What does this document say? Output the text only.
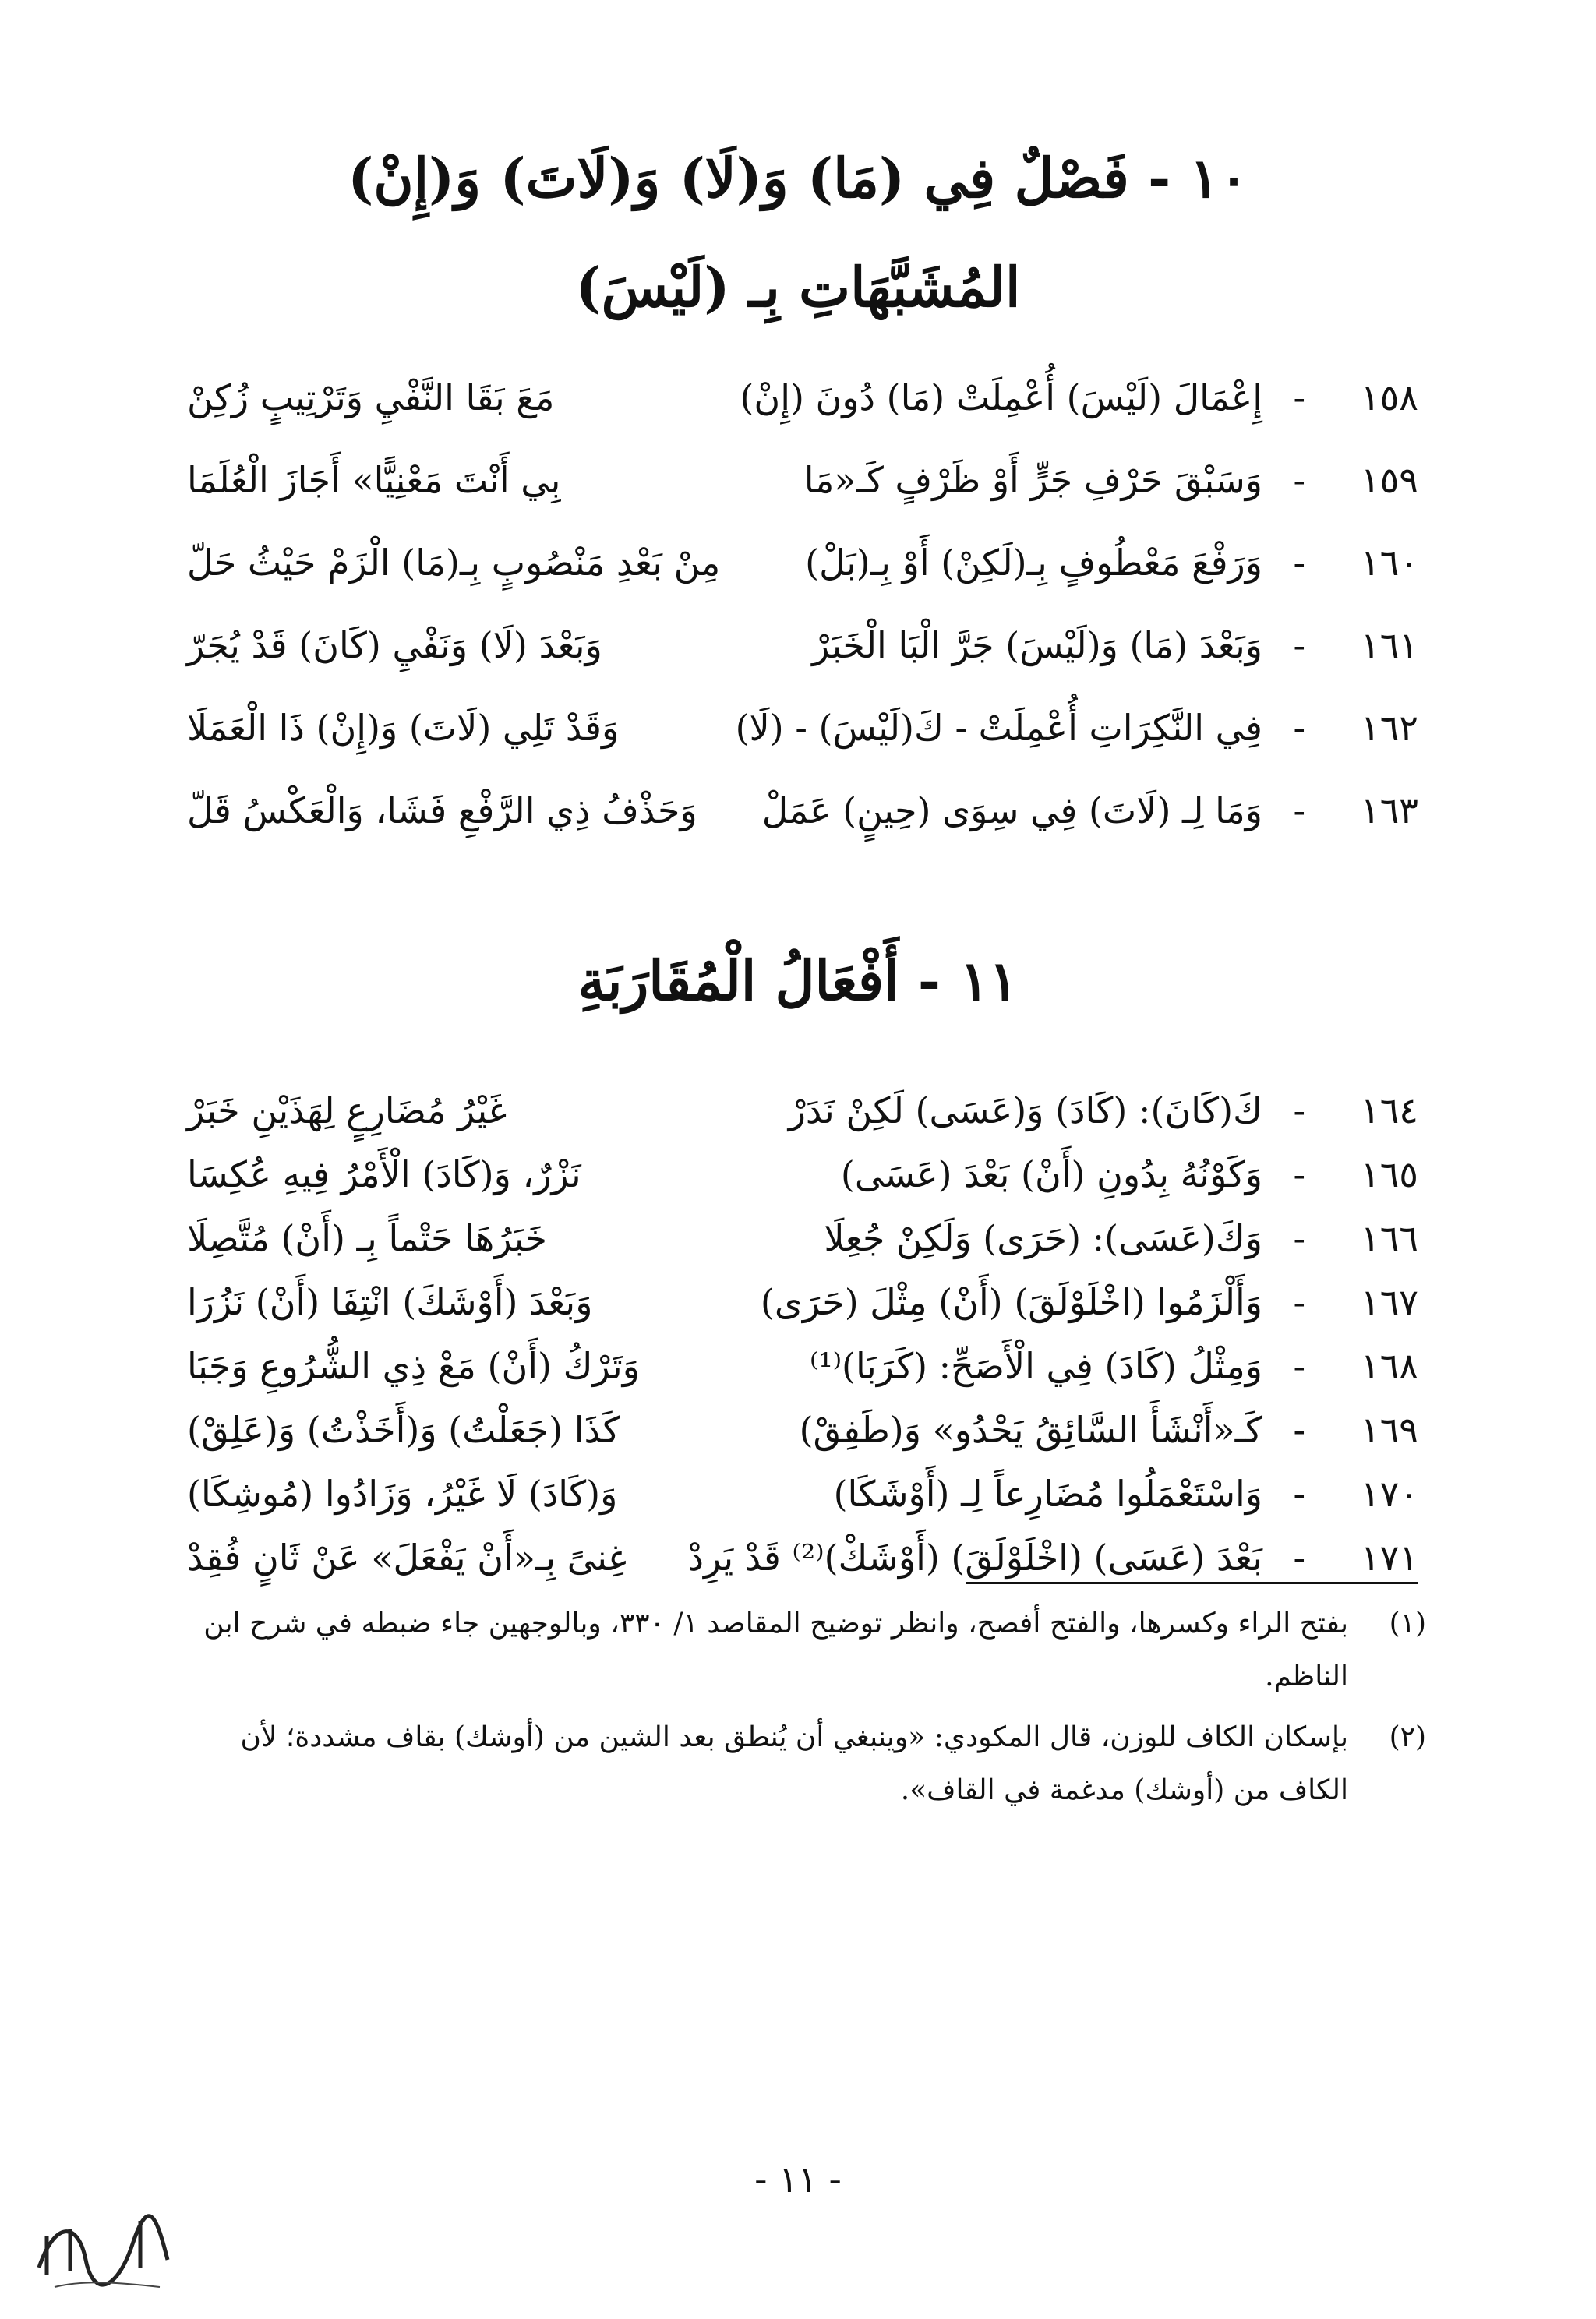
١٠ - فَصْلٌ فِي (مَا) وَ(لَا) وَ(لَاتَ) وَ(إِنْ)
المُشَبَّهَاتِ بِـ (لَيْسَ)
١٥٨
-
إِعْمَالَ (لَيْسَ) أُعْمِلَتْ (مَا) دُونَ (إِنْ)
مَعَ بَقَا النَّفْيِ وَتَرْتِيبٍ زُكِنْ
١٥٩
-
وَسَبْقَ حَرْفِ جَرٍّ أَوْ ظَرْفٍ كَـ«مَا
بِي أَنْتَ مَعْنِيًّا» أَجَازَ الْعُلَمَا
١٦٠
-
وَرَفْعَ مَعْطُوفٍ بِـ(لَكِنْ) أَوْ بِـ(بَلْ)
مِنْ بَعْدِ مَنْصُوبٍ بِـ(مَا) الْزَمْ حَيْثُ حَلّ
١٦١
-
وَبَعْدَ (مَا) وَ(لَيْسَ) جَرَّ الْبَا الْخَبَرْ
وَبَعْدَ (لَا) وَنَفْيِ (كَانَ) قَدْ يُجَرّ
١٦٢
-
فِي النَّكِرَاتِ أُعْمِلَتْ - كَ(لَيْسَ) - (لَا)
وَقَدْ تَلِي (لَاتَ) وَ(إِنْ) ذَا الْعَمَلَا
١٦٣
-
وَمَا لِـ (لَاتَ) فِي سِوَى (حِينٍ) عَمَلْ
وَحَذْفُ ذِي الرَّفْعِ فَشَا، وَالْعَكْسُ قَلّ
١١ - أَفْعَالُ الْمُقَارَبَةِ
١٦٤
-
كَ(كَانَ): (كَادَ) وَ(عَسَى) لَكِنْ نَدَرْ
غَيْرُ مُضَارِعٍ لِهَذَيْنِ خَبَرْ
١٦٥
-
وَكَوْنُهُ بِدُونِ (أَنْ) بَعْدَ (عَسَى)
نَزْرٌ، وَ(كَادَ) الْأَمْرُ فِيهِ عُكِسَا
١٦٦
-
وَكَ(عَسَى): (حَرَى) وَلَكِنْ جُعِلَا
خَبَرُهَا حَتْماً بِـ (أَنْ) مُتَّصِلَا
١٦٧
-
وَأَلْزَمُوا (اخْلَوْلَقَ) (أَنْ) مِثْلَ (حَرَى)
وَبَعْدَ (أَوْشَكَ) انْتِفَا (أَنْ) نَزُرَا
١٦٨
-
وَمِثْلُ (كَادَ) فِي الْأَصَحِّ: (كَرَبَا)⁽¹⁾
وَتَرْكُ (أَنْ) مَعْ ذِي الشُّرُوعِ وَجَبَا
١٦٩
-
كَـ«أَنْشَأَ السَّائِقُ يَحْدُو» وَ(طَفِقْ)
كَذَا (جَعَلْتُ) وَ(أَخَذْتُ) وَ(عَلِقْ)
١٧٠
-
وَاسْتَعْمَلُوا مُضَارِعاً لِـ (أَوْشَكَا)
وَ(كَادَ) لَا غَيْرُ، وَزَادُوا (مُوشِكَا)
١٧١
-
بَعْدَ (عَسَى) (اخْلَوْلَقَ) (أَوْشَكْ)⁽²⁾ قَدْ يَرِدْ
غِنىً بِـ«أَنْ يَفْعَلَ» عَنْ ثَانٍ فُقِدْ
(١)
بفتح الراء وكسرها، والفتح أفصح، وانظر توضيح المقاصد ١/ ٣٣٠، وبالوجهين جاء ضبطه في شرح ابن الناظم.
(٢)
بإسكان الكاف للوزن، قال المكودي: «وينبغي أن يُنطق بعد الشين من (أوشك) بقاف مشددة؛ لأن الكاف من (أوشك) مدغمة في القاف».
- ١١ -
